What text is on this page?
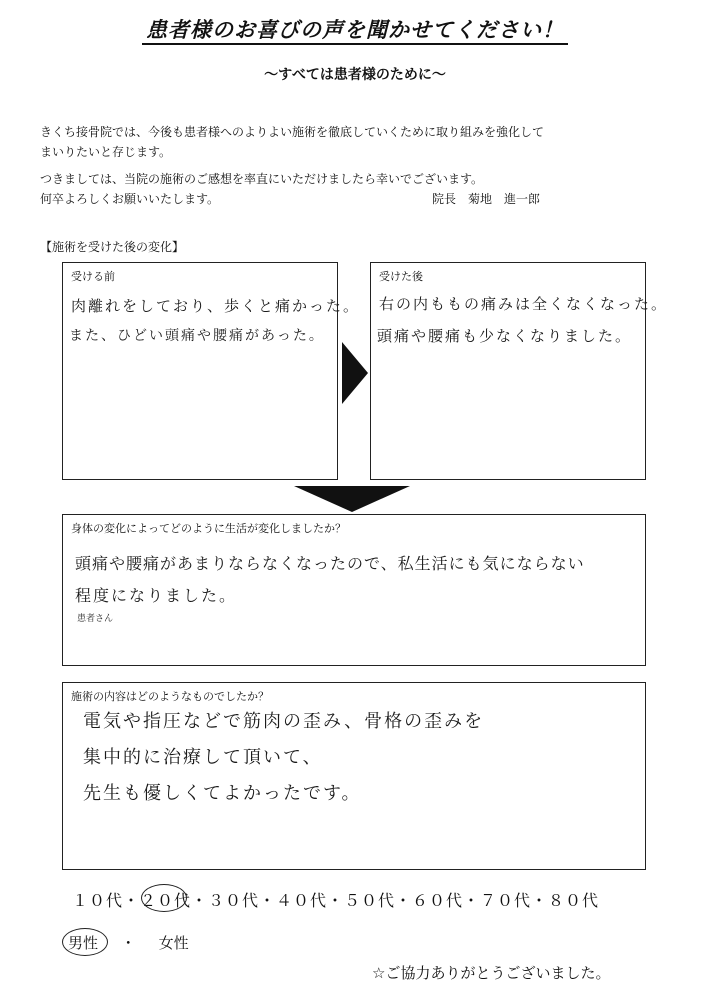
患者様のお喜びの声を聞かせてください！
～すべては患者様のために～
きくち接骨院では、今後も患者様へのよりよい施術を徹底していくために取り組みを強化して
まいりたいと存じます。
つきましては、当院の施術のご感想を率直にいただけましたら幸いでございます。
何卒よろしくお願いいたします。	院長　菊地　進一郎
【施術を受けた後の変化】
受ける前
肉離れをしており、歩くと痛かった。
また、ひどい頭痛や腰痛があった。
受けた後
右の内ももの痛みは全くなくなった。
頭痛や腰痛も少なくなりました。
身体の変化によってどのように生活が変化しましたか？
頭痛や腰痛があまりならなくなったので、私生活にも気にならない
程度になりました。
患者さん
施術の内容はどのようなものでしたか？
電気や指圧などで筋肉の歪み、骨格の歪みを
集中的に治療して頂いて、
先生も優しくてよかったです。
１０代・２０代・３０代・４０代・５０代・６０代・７０代・８０代
男性 ・ 女性
☆ご協力ありがとうございました。
